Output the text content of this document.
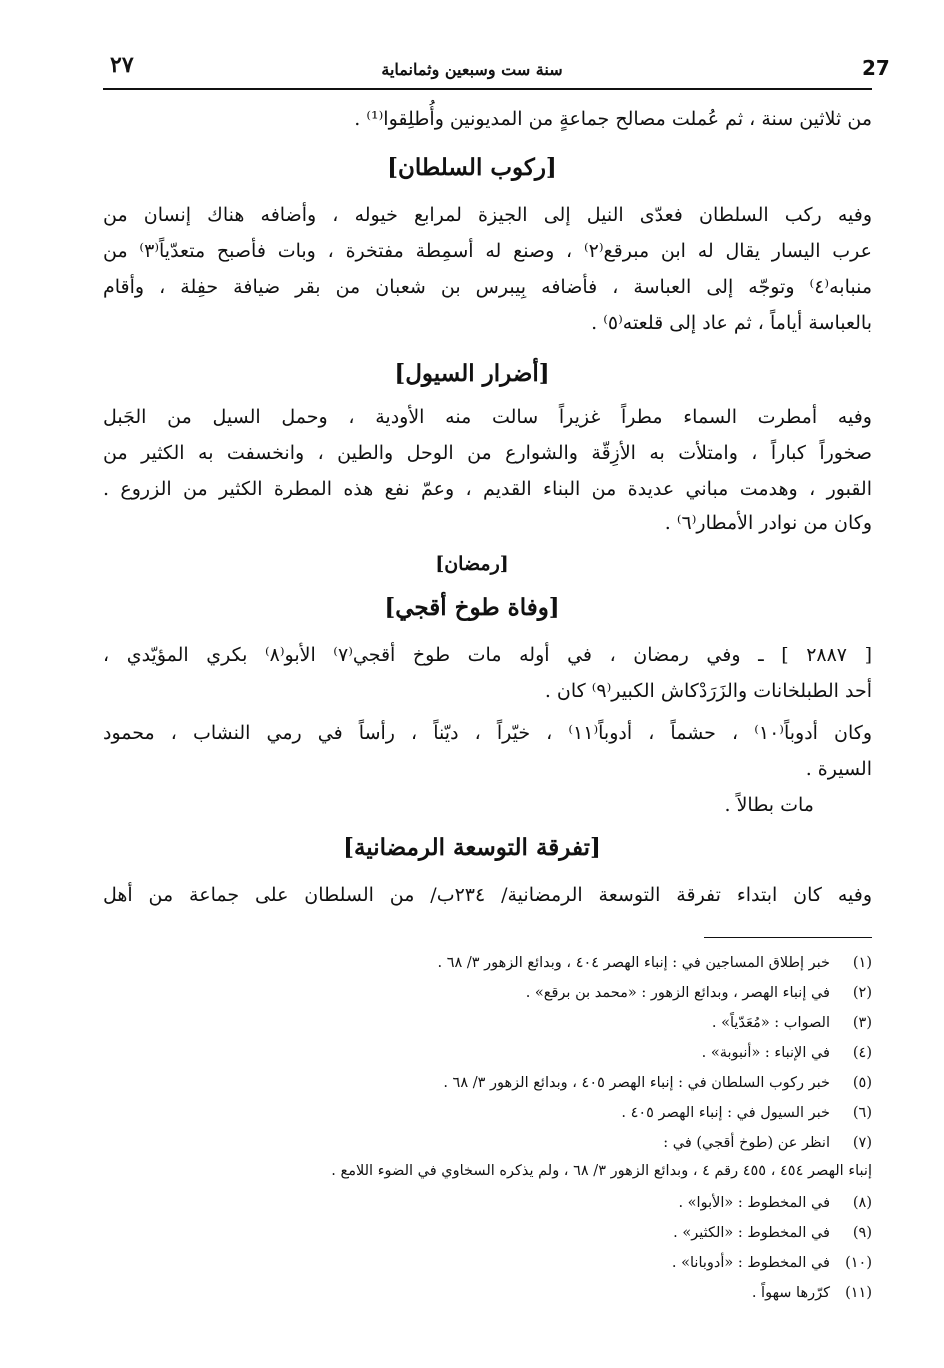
27
سنة ست وسبعين وثمانماية
٢٧
من ثلاثين سنة ، ثم عُملت مصالح جماعةٍ من المديونين وأُطلِقوا⁽¹⁾ .
[ركوب السلطان]
وفيه ركب السلطان فعدّى النيل إلى الجيزة لمرابع خيوله ، وأضافه هناك إنسان من
عرب اليسار يقال له ابن مبرقع⁽٢⁾ ، وصنع له أسمِطة مفتخرة ، وبات فأصبح متعدّياً⁽٣⁾ من
منبابه⁽٤⁾ وتوجّه إلى العباسة ، فأضافه بِيبرس بن شعبان من بقر ضيافة حفِلة ، وأقام
بالعباسة أياماً ، ثم عاد إلى قلعته⁽٥⁾ .
[أضرار السيول]
وفيه أمطرت السماء مطراً غزيراً سالت منه الأودية ، وحمل السيل من الجَبل
صخوراً كباراً ، وامتلأت به الأزِقّة والشوارع من الوحل والطين ، وانخسفت به الكثير من
القبور ، وهدمت مباني عديدة من البناء القديم ، وعمّ نفع هذه المطرة الكثير من الزروع .
وكان من نوادر الأمطار⁽٦⁾ .
[رمضان]
[وفاة طوخ أقجي]
[ ٢٨٨٧ ] ـ وفي رمضان ، في أوله مات طوخ أقجي⁽٧⁾ الأبو⁽٨⁾ بكري المؤيّدي ،
أحد الطبلخانات والزَرَدْكاش الكبير⁽٩⁾ كان .
وكان أدوباً⁽١٠⁾ ، حشماً ، أدوباً⁽١١⁾ ، خيّراً ، ديّناً ، رأساً في رمي النشاب ، محمود
السيرة .
مات بطالاً .
[تفرقة التوسعة الرمضانية]
وفيه كان ابتداء تفرقة التوسعة الرمضانية/ ٢٣٤ب/ من السلطان على جماعة من أهل
(١)خبر إطلاق المساجين في : إنباء الهصر ٤٠٤ ، وبدائع الزهور ٣/ ٦٨ .
(٢)في إنباء الهصر ، وبدائع الزهور : «محمد بن برقع» .
(٣)الصواب : «مُعَدّياً» .
(٤)في الإنباء : «أنبوبة» .
(٥)خبر ركوب السلطان في : إنباء الهصر ٤٠٥ ، وبدائع الزهور ٣/ ٦٨ .
(٦)خبر السيول في : إنباء الهصر ٤٠٥ .
(٧)انظر عن (طوخ أقجي) في :
إنباء الهصر ٤٥٤ ، ٤٥٥ رقم ٤ ، وبدائع الزهور ٣/ ٦٨ ، ولم يذكره السخاوي في الضوء اللامع .
(٨)في المخطوط : «الأبوا» .
(٩)في المخطوط : «الكثير» .
(١٠)في المخطوط : «أدوبانا» .
(١١)كرّرها سهواً .
